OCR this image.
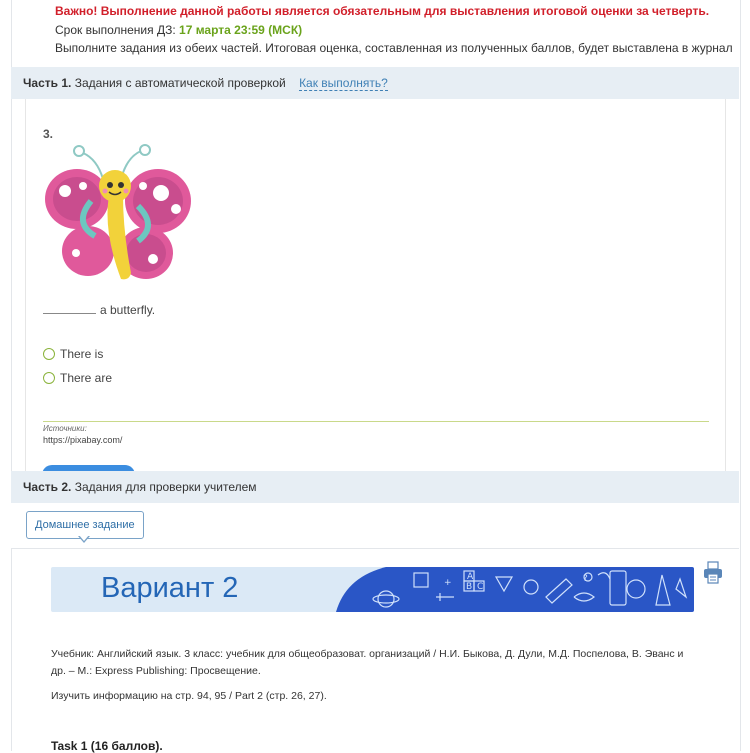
Важно! Выполнение данной работы является обязательным для выставления итоговой оценки за четверть.
Срок выполнения ДЗ: 17 марта 23:59 (МСК)
Выполните задания из обеих частей. Итоговая оценка, составленная из полученных баллов, будет выставлена в журнал
Часть 1. Задания с автоматической проверкой Как выполнять?
3.
a butterfly.
There is
There are
Источники:
https://pixabay.com/
Часть 2. Задания для проверки учителем
Домашнее задание
Вариант 2	A
B C
?
+
Учебник: Английский язык. 3 класс: учебник для общеобразоват. организаций / Н.И. Быкова, Д. Дули, М.Д. Поспелова, В. Эванс и др. – М.: Express Publishing: Просвещение.
Изучить информацию на стр. 94, 95 / Part 2 (стр. 26, 27).
Task 1 (16 баллов).
